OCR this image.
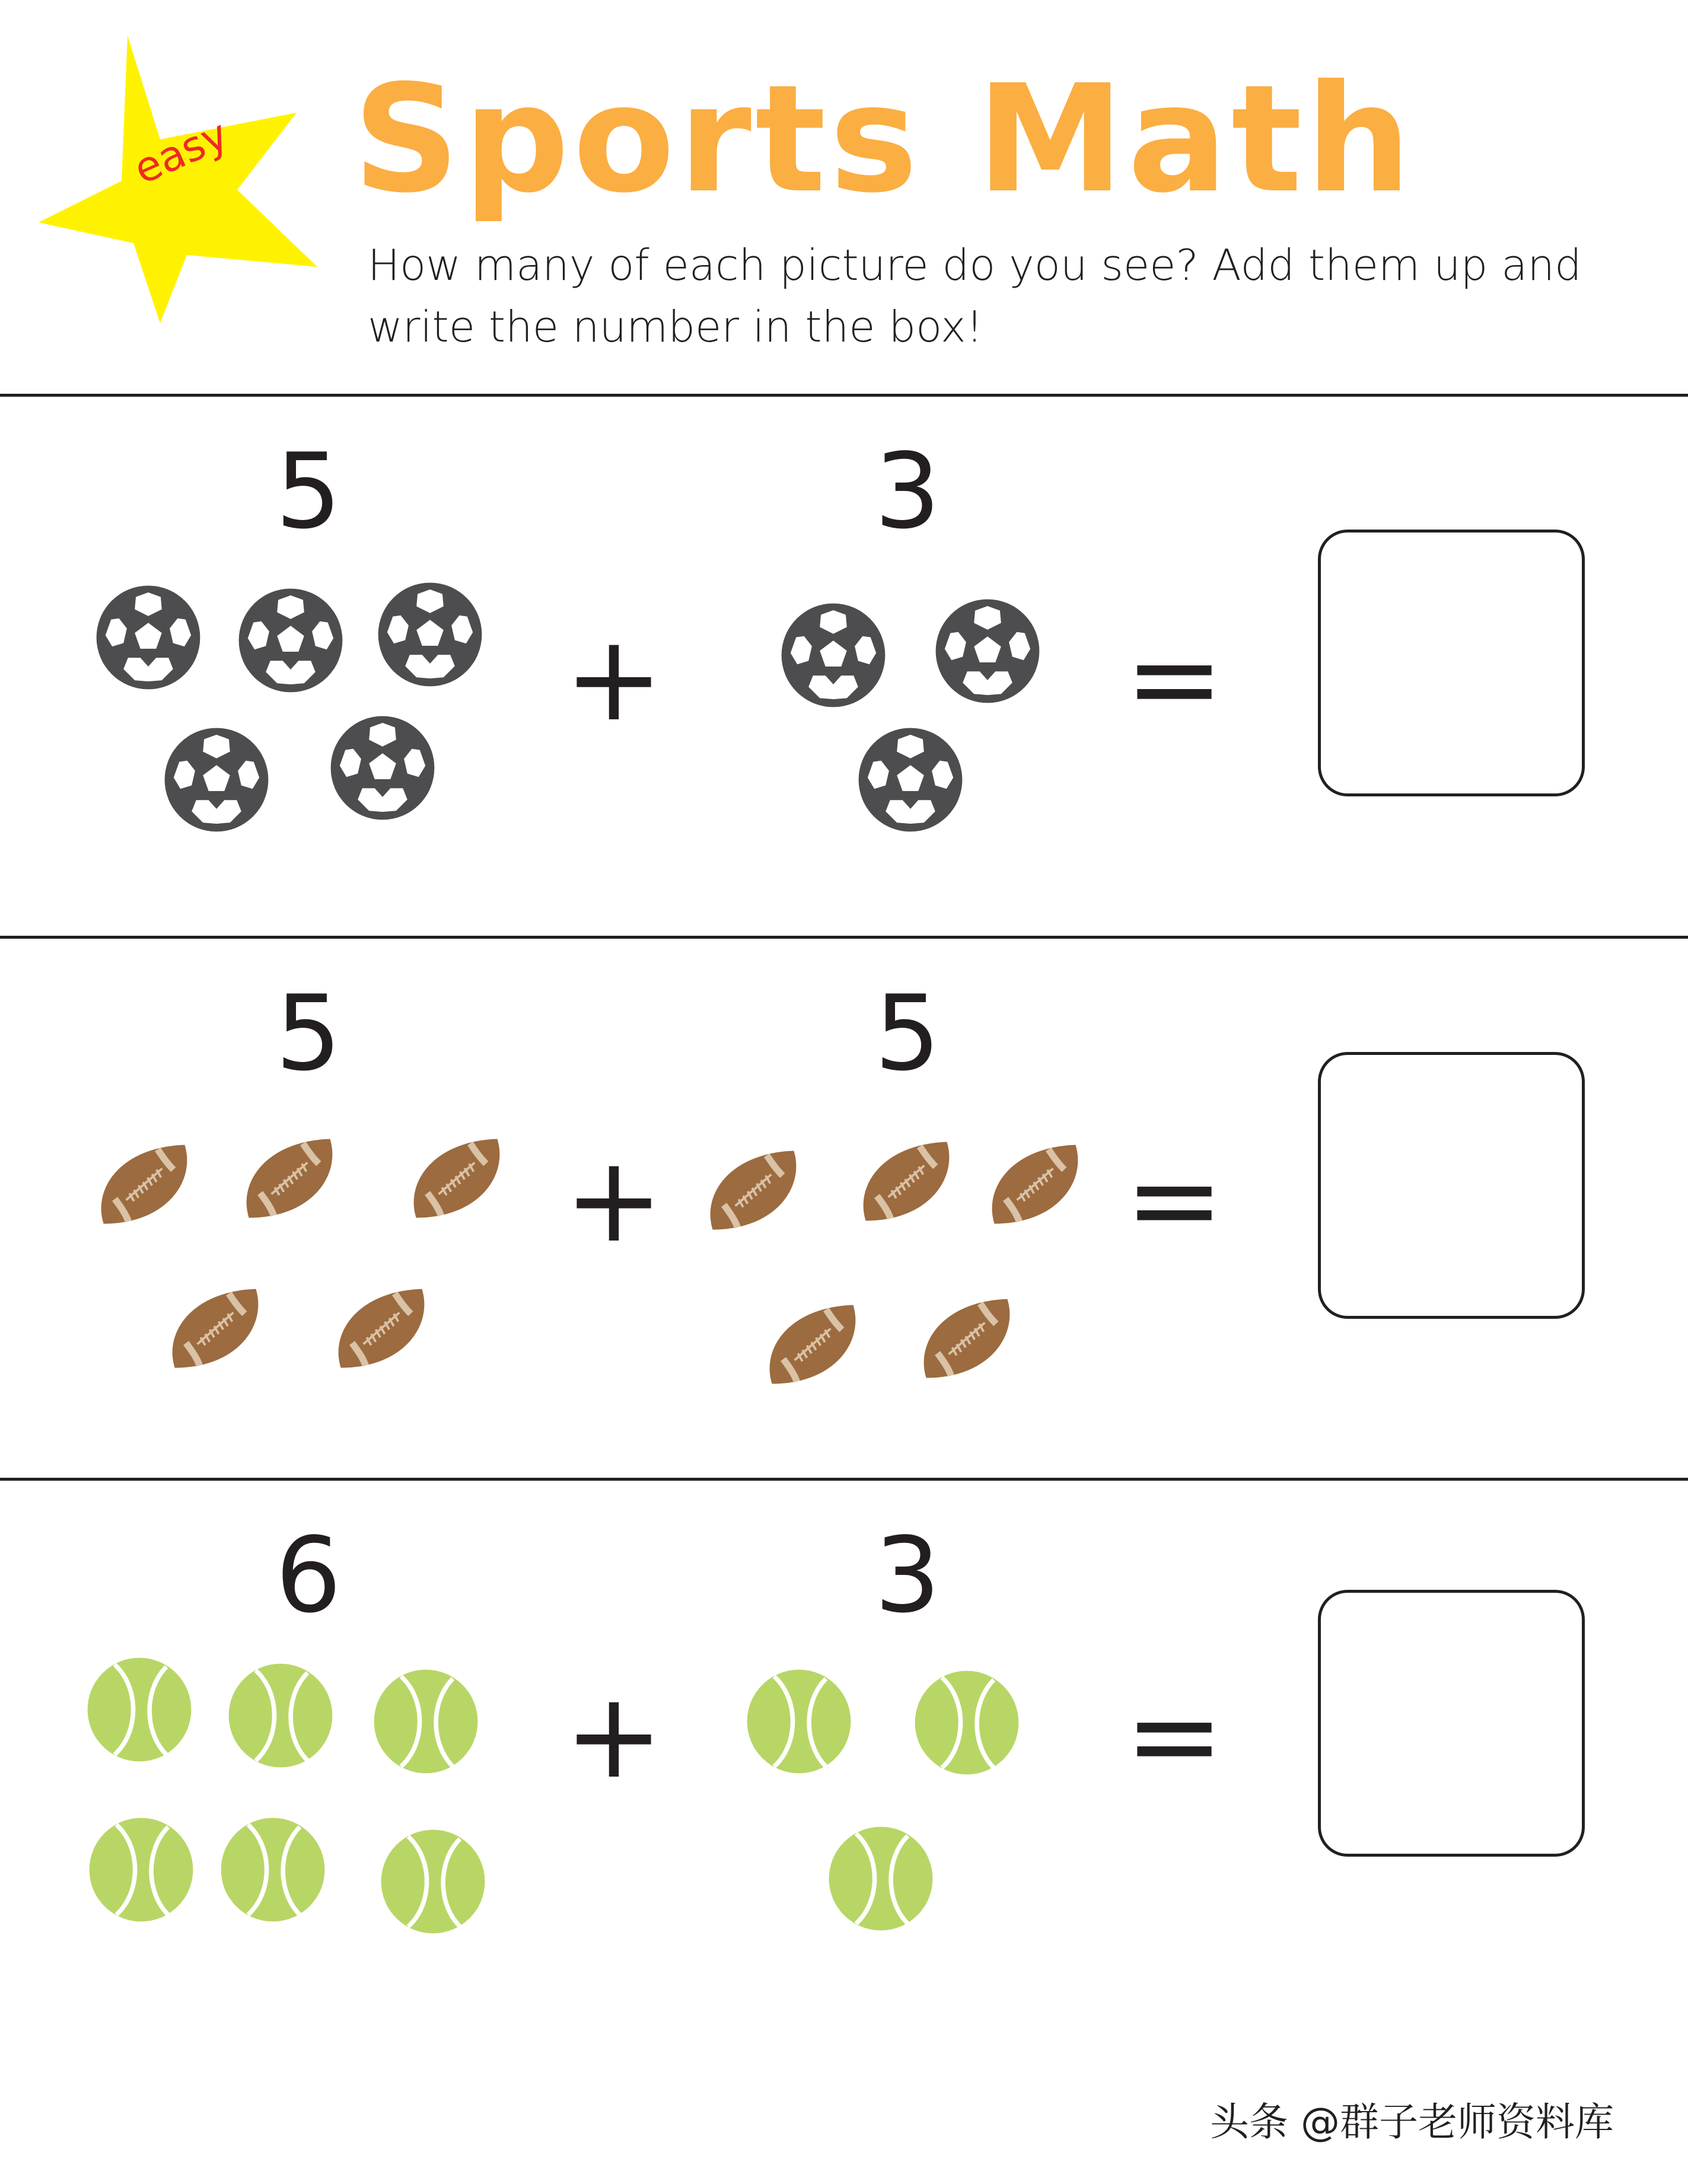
easy Sports Math
How many of each picture do you see? Add them up and
write the number in the box!
5	3
+	=
5	5
+	=
6	3
+	=
头条 @群子老师资料库
